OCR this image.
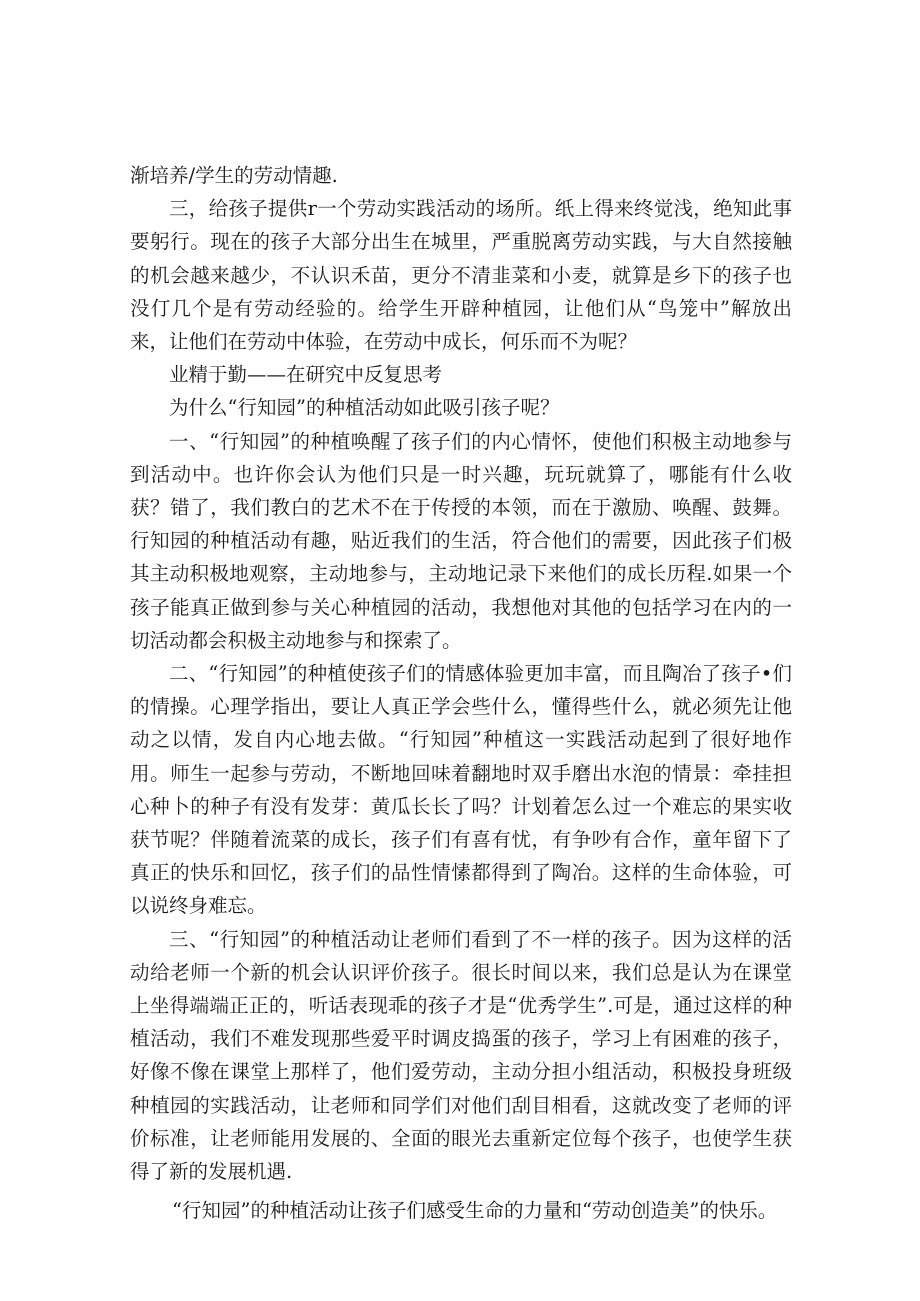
渐培养/学生的劳动情趣.

三，给孩子提供r一个劳动实践活动的场所。纸上得来终觉浅，绝知此事要躬行。现在的孩子大部分出生在城里，严重脱离劳动实践，与大自然接触的机会越来越少，不认识禾苗，更分不清韭菜和小麦，就算是乡下的孩子也没仃几个是有劳动经验的。给学生开辟种植园，让他们从“鸟笼中”解放出来，让他们在劳动中体验，在劳动中成长，何乐而不为呢？

业精于勤——在研究中反复思考

为什么“行知园”的种植活动如此吸引孩子呢？

一、“行知园”的种植唤醒了孩子们的内心情怀，使他们积极主动地参与到活动中。也许你会认为他们只是一时兴趣，玩玩就算了，哪能有什么收获？错了，我们教白的艺术不在于传授的本领，而在于激励、唤醒、鼓舞。行知园的种植活动有趣，贴近我们的生活，符合他们的需要，因此孩子们极其主动积极地观察，主动地参与，主动地记录下来他们的成长历程.如果一个孩子能真正做到参与关心种植园的活动，我想他对其他的包括学习在内的一切活动都会积极主动地参与和探索了。

二、“行知园”的种植使孩子们的情感体验更加丰富，而且陶冶了孩子•们的情操。心理学指出，要让人真正学会些什么，懂得些什么，就必须先让他动之以情，发自内心地去做。“行知园”种植这一实践活动起到了很好地作用。师生一起参与劳动，不断地回味着翻地时双手磨出水泡的情景：牵挂担心种卜的种子有没有发芽：黄瓜长长了吗？计划着怎么过一个难忘的果实收获节呢？伴随着流菜的成长，孩子们有喜有忧，有争吵有合作，童年留下了真正的快乐和回忆，孩子们的品性情愫都得到了陶冶。这样的生命体验，可以说终身难忘。

三、“行知园”的种植活动让老师们看到了不一样的孩子。因为这样的活动给老师一个新的机会认识评价孩子。很长时间以来，我们总是认为在课堂上坐得端端正正的，听话表现乖的孩子才是“优秀学生”.可是，通过这样的种植活动，我们不难发现那些爱平时调皮捣蛋的孩子，学习上有困难的孩子，好像不像在课堂上那样了，他们爱劳动，主动分担小组活动，积极投身班级种植园的实践活动，让老师和同学们对他们刮目相看，这就改变了老师的评价标准，让老师能用发展的、全面的眼光去重新定位每个孩子，也使学生获得了新的发展机遇.

“行知园”的种植活动让孩子们感受生命的力量和“劳动创造美”的快乐。
